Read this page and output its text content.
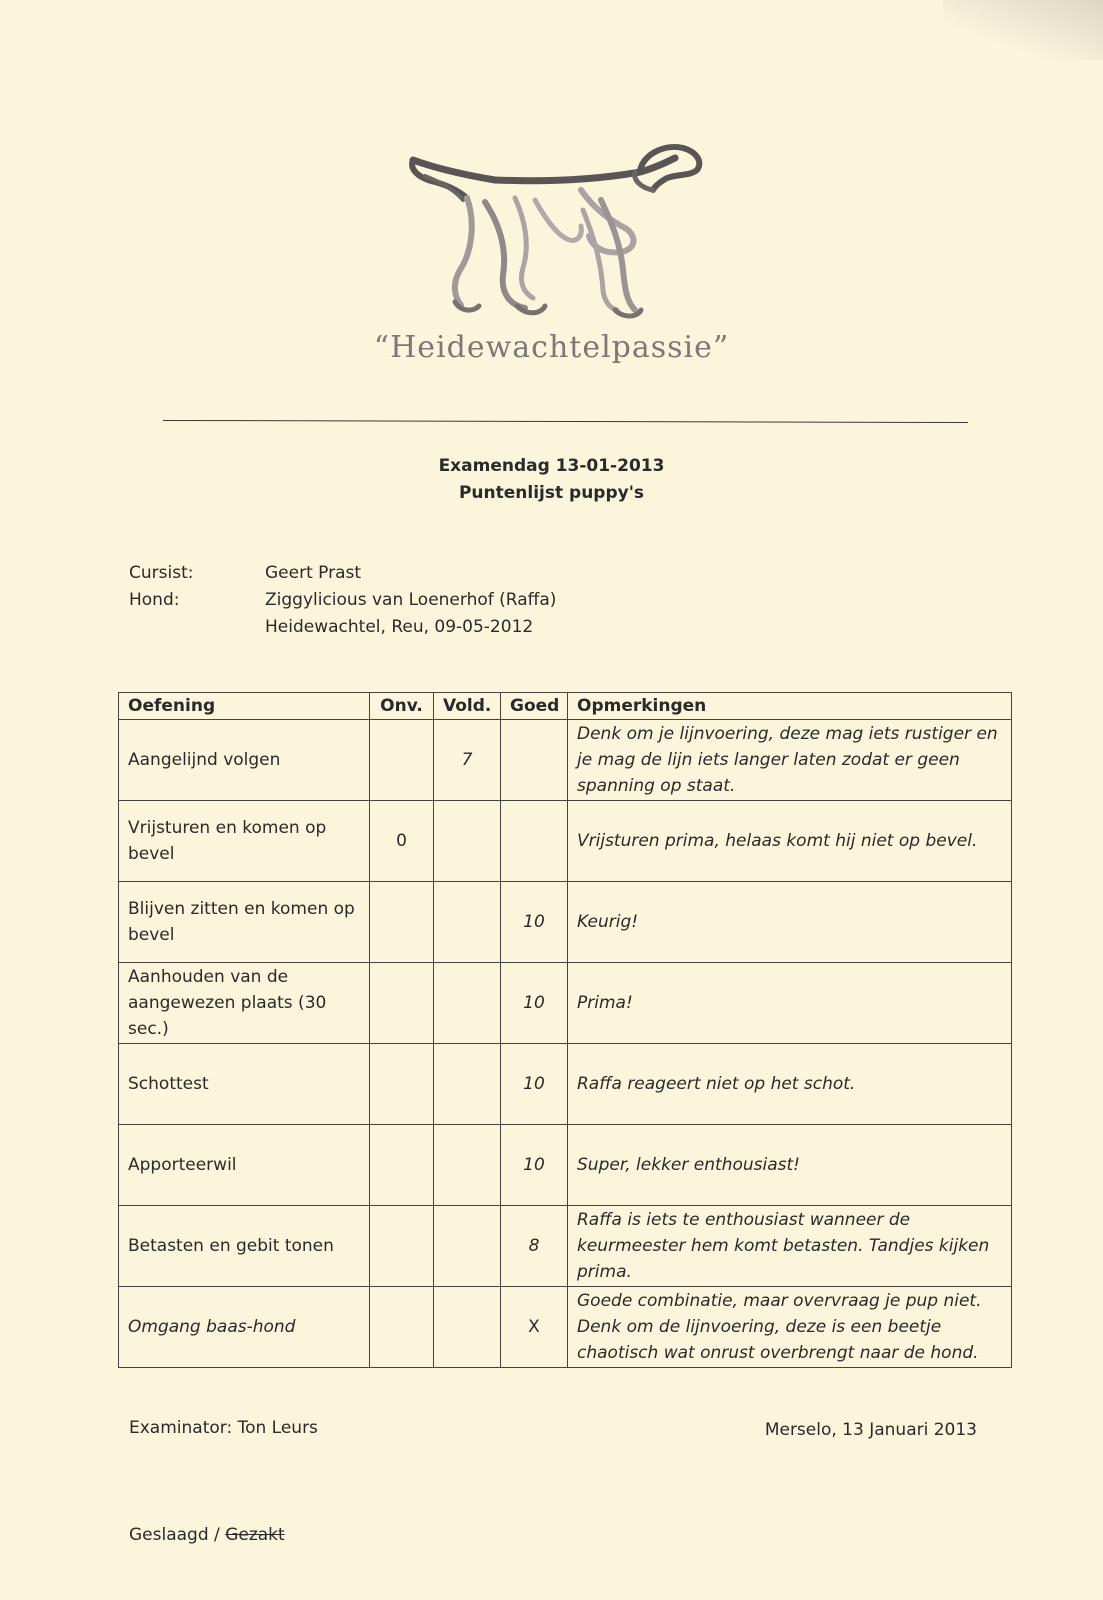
“Heidewachtelpassie”
Examendag 13-01-2013
Puntenlijst puppy's
Cursist:	Geert Prast
Hond:	Ziggylicious van Loenerhof (Raffa)
Heidewachtel, Reu, 09-05-2012
Oefening	Onv.	Vold.	Goed	Opmerkingen
Aangelijnd volgen		7		Denk om je lijnvoering, deze mag iets rustiger en je mag de lijn iets langer laten zodat er geen spanning op staat.
Vrijsturen en komen op bevel	0			Vrijsturen prima, helaas komt hij niet op bevel.
Blijven zitten en komen op bevel			10	Keurig!
Aanhouden van de aangewezen plaats (30 sec.)			10	Prima!
Schottest			10	Raffa reageert niet op het schot.
Apporteerwil			10	Super, lekker enthousiast!
Betasten en gebit tonen			8	Raffa is iets te enthousiast wanneer de keurmeester hem komt betasten. Tandjes kijken prima.
Omgang baas-hond			X	Goede combinatie, maar overvraag je pup niet. Denk om de lijnvoering, deze is een beetje chaotisch wat onrust overbrengt naar de hond.
Examinator: Ton Leurs	Merselo, 13 Januari 2013
Geslaagd / Gezakt
